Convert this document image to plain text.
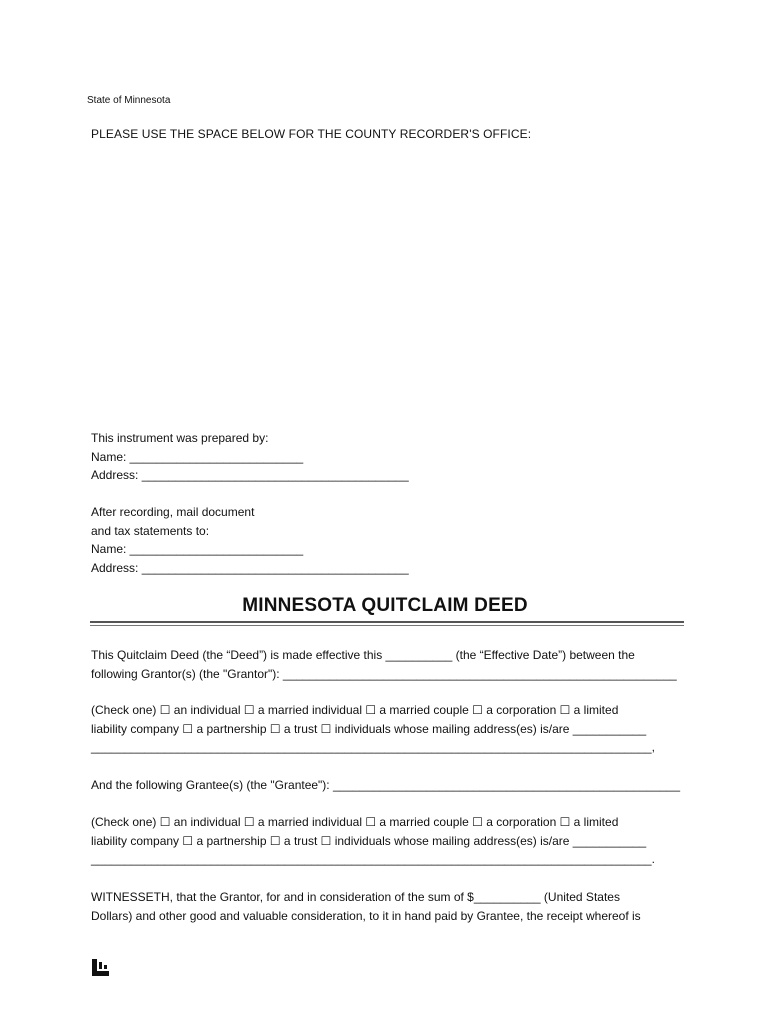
State of Minnesota
PLEASE USE THE SPACE BELOW FOR THE COUNTY RECORDER'S OFFICE:
This instrument was prepared by:
Name: __________________________
Address: ________________________________________
After recording, mail document
and tax statements to:
Name: __________________________
Address: ________________________________________
MINNESOTA QUITCLAIM DEED
This Quitclaim Deed (the “Deed”) is made effective this __________ (the “Effective Date”) between the
following Grantor(s) (the "Grantor"): ___________________________________________________________
(Check one) ☐ an individual ☐ a married individual ☐ a married couple ☐ a corporation ☐ a limited
liability company ☐ a partnership ☐ a trust ☐ individuals whose mailing address(es) is/are ___________
____________________________________________________________________________________,
And the following Grantee(s) (the "Grantee"): ____________________________________________________
(Check one) ☐ an individual ☐ a married individual ☐ a married couple ☐ a corporation ☐ a limited
liability company ☐ a partnership ☐ a trust ☐ individuals whose mailing address(es) is/are ___________
____________________________________________________________________________________.
WITNESSETH, that the Grantor, for and in consideration of the sum of $__________ (United States
Dollars) and other good and valuable consideration, to it in hand paid by Grantee, the receipt whereof is
